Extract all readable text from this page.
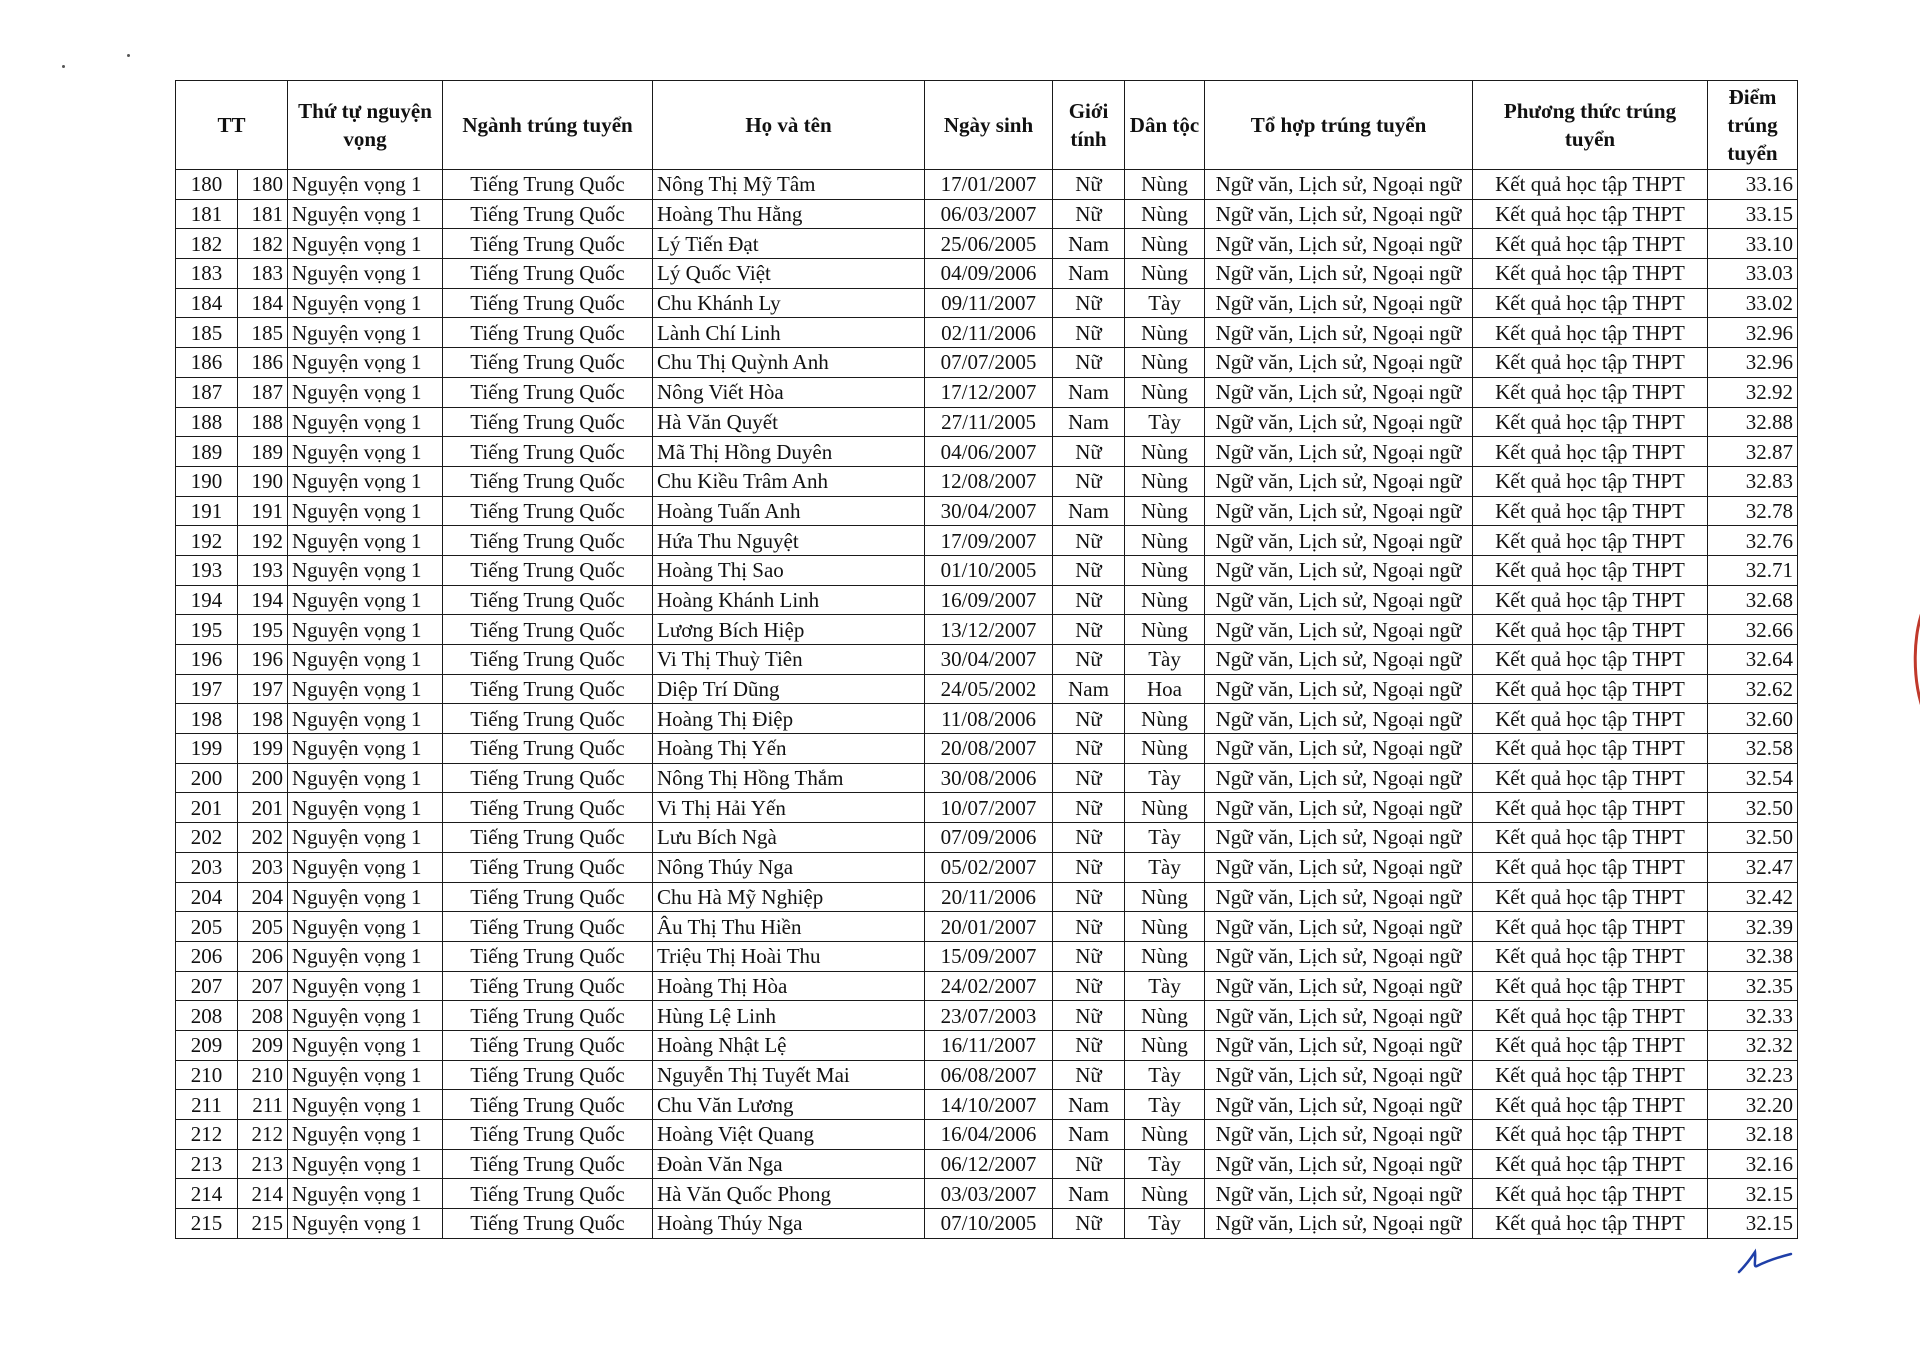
TT		Thứ tự nguyện vọng	Ngành trúng tuyển	Họ và tên	Ngày sinh	Giới tính	Dân tộc	Tổ hợp trúng tuyển	Phương thức trúng tuyển	Điểm trúng tuyển
180	180	Nguyện vọng 1	Tiếng Trung Quốc	Nông Thị Mỹ Tâm	17/01/2007	Nữ	Nùng	Ngữ văn, Lịch sử, Ngoại ngữ	Kết quả học tập THPT	33.16
181	181	Nguyện vọng 1	Tiếng Trung Quốc	Hoàng Thu Hằng	06/03/2007	Nữ	Nùng	Ngữ văn, Lịch sử, Ngoại ngữ	Kết quả học tập THPT	33.15
182	182	Nguyện vọng 1	Tiếng Trung Quốc	Lý Tiến Đạt	25/06/2005	Nam	Nùng	Ngữ văn, Lịch sử, Ngoại ngữ	Kết quả học tập THPT	33.10
183	183	Nguyện vọng 1	Tiếng Trung Quốc	Lý Quốc Việt	04/09/2006	Nam	Nùng	Ngữ văn, Lịch sử, Ngoại ngữ	Kết quả học tập THPT	33.03
184	184	Nguyện vọng 1	Tiếng Trung Quốc	Chu Khánh Ly	09/11/2007	Nữ	Tày	Ngữ văn, Lịch sử, Ngoại ngữ	Kết quả học tập THPT	33.02
185	185	Nguyện vọng 1	Tiếng Trung Quốc	Lành Chí Linh	02/11/2006	Nữ	Nùng	Ngữ văn, Lịch sử, Ngoại ngữ	Kết quả học tập THPT	32.96
186	186	Nguyện vọng 1	Tiếng Trung Quốc	Chu Thị Quỳnh Anh	07/07/2005	Nữ	Nùng	Ngữ văn, Lịch sử, Ngoại ngữ	Kết quả học tập THPT	32.96
187	187	Nguyện vọng 1	Tiếng Trung Quốc	Nông Viết Hòa	17/12/2007	Nam	Nùng	Ngữ văn, Lịch sử, Ngoại ngữ	Kết quả học tập THPT	32.92
188	188	Nguyện vọng 1	Tiếng Trung Quốc	Hà Văn Quyết	27/11/2005	Nam	Tày	Ngữ văn, Lịch sử, Ngoại ngữ	Kết quả học tập THPT	32.88
189	189	Nguyện vọng 1	Tiếng Trung Quốc	Mã Thị Hồng Duyên	04/06/2007	Nữ	Nùng	Ngữ văn, Lịch sử, Ngoại ngữ	Kết quả học tập THPT	32.87
190	190	Nguyện vọng 1	Tiếng Trung Quốc	Chu Kiều Trâm Anh	12/08/2007	Nữ	Nùng	Ngữ văn, Lịch sử, Ngoại ngữ	Kết quả học tập THPT	32.83
191	191	Nguyện vọng 1	Tiếng Trung Quốc	Hoàng Tuấn Anh	30/04/2007	Nam	Nùng	Ngữ văn, Lịch sử, Ngoại ngữ	Kết quả học tập THPT	32.78
192	192	Nguyện vọng 1	Tiếng Trung Quốc	Hứa Thu Nguyệt	17/09/2007	Nữ	Nùng	Ngữ văn, Lịch sử, Ngoại ngữ	Kết quả học tập THPT	32.76
193	193	Nguyện vọng 1	Tiếng Trung Quốc	Hoàng Thị Sao	01/10/2005	Nữ	Nùng	Ngữ văn, Lịch sử, Ngoại ngữ	Kết quả học tập THPT	32.71
194	194	Nguyện vọng 1	Tiếng Trung Quốc	Hoàng Khánh Linh	16/09/2007	Nữ	Nùng	Ngữ văn, Lịch sử, Ngoại ngữ	Kết quả học tập THPT	32.68
195	195	Nguyện vọng 1	Tiếng Trung Quốc	Lương Bích Hiệp	13/12/2007	Nữ	Nùng	Ngữ văn, Lịch sử, Ngoại ngữ	Kết quả học tập THPT	32.66
196	196	Nguyện vọng 1	Tiếng Trung Quốc	Vi Thị Thuỳ Tiên	30/04/2007	Nữ	Tày	Ngữ văn, Lịch sử, Ngoại ngữ	Kết quả học tập THPT	32.64
197	197	Nguyện vọng 1	Tiếng Trung Quốc	Diệp Trí Dũng	24/05/2002	Nam	Hoa	Ngữ văn, Lịch sử, Ngoại ngữ	Kết quả học tập THPT	32.62
198	198	Nguyện vọng 1	Tiếng Trung Quốc	Hoàng Thị Điệp	11/08/2006	Nữ	Nùng	Ngữ văn, Lịch sử, Ngoại ngữ	Kết quả học tập THPT	32.60
199	199	Nguyện vọng 1	Tiếng Trung Quốc	Hoàng Thị Yến	20/08/2007	Nữ	Nùng	Ngữ văn, Lịch sử, Ngoại ngữ	Kết quả học tập THPT	32.58
200	200	Nguyện vọng 1	Tiếng Trung Quốc	Nông Thị Hồng Thắm	30/08/2006	Nữ	Tày	Ngữ văn, Lịch sử, Ngoại ngữ	Kết quả học tập THPT	32.54
201	201	Nguyện vọng 1	Tiếng Trung Quốc	Vi Thị Hải Yến	10/07/2007	Nữ	Nùng	Ngữ văn, Lịch sử, Ngoại ngữ	Kết quả học tập THPT	32.50
202	202	Nguyện vọng 1	Tiếng Trung Quốc	Lưu Bích Ngà	07/09/2006	Nữ	Tày	Ngữ văn, Lịch sử, Ngoại ngữ	Kết quả học tập THPT	32.50
203	203	Nguyện vọng 1	Tiếng Trung Quốc	Nông Thúy Nga	05/02/2007	Nữ	Tày	Ngữ văn, Lịch sử, Ngoại ngữ	Kết quả học tập THPT	32.47
204	204	Nguyện vọng 1	Tiếng Trung Quốc	Chu Hà Mỹ Nghiệp	20/11/2006	Nữ	Nùng	Ngữ văn, Lịch sử, Ngoại ngữ	Kết quả học tập THPT	32.42
205	205	Nguyện vọng 1	Tiếng Trung Quốc	Âu Thị Thu Hiền	20/01/2007	Nữ	Nùng	Ngữ văn, Lịch sử, Ngoại ngữ	Kết quả học tập THPT	32.39
206	206	Nguyện vọng 1	Tiếng Trung Quốc	Triệu Thị Hoài Thu	15/09/2007	Nữ	Nùng	Ngữ văn, Lịch sử, Ngoại ngữ	Kết quả học tập THPT	32.38
207	207	Nguyện vọng 1	Tiếng Trung Quốc	Hoàng Thị Hòa	24/02/2007	Nữ	Tày	Ngữ văn, Lịch sử, Ngoại ngữ	Kết quả học tập THPT	32.35
208	208	Nguyện vọng 1	Tiếng Trung Quốc	Hùng Lệ Linh	23/07/2003	Nữ	Nùng	Ngữ văn, Lịch sử, Ngoại ngữ	Kết quả học tập THPT	32.33
209	209	Nguyện vọng 1	Tiếng Trung Quốc	Hoàng Nhật Lệ	16/11/2007	Nữ	Nùng	Ngữ văn, Lịch sử, Ngoại ngữ	Kết quả học tập THPT	32.32
210	210	Nguyện vọng 1	Tiếng Trung Quốc	Nguyễn Thị Tuyết Mai	06/08/2007	Nữ	Tày	Ngữ văn, Lịch sử, Ngoại ngữ	Kết quả học tập THPT	32.23
211	211	Nguyện vọng 1	Tiếng Trung Quốc	Chu Văn Lương	14/10/2007	Nam	Tày	Ngữ văn, Lịch sử, Ngoại ngữ	Kết quả học tập THPT	32.20
212	212	Nguyện vọng 1	Tiếng Trung Quốc	Hoàng Việt Quang	16/04/2006	Nam	Nùng	Ngữ văn, Lịch sử, Ngoại ngữ	Kết quả học tập THPT	32.18
213	213	Nguyện vọng 1	Tiếng Trung Quốc	Đoàn Văn Nga	06/12/2007	Nữ	Tày	Ngữ văn, Lịch sử, Ngoại ngữ	Kết quả học tập THPT	32.16
214	214	Nguyện vọng 1	Tiếng Trung Quốc	Hà Văn Quốc Phong	03/03/2007	Nam	Nùng	Ngữ văn, Lịch sử, Ngoại ngữ	Kết quả học tập THPT	32.15
215	215	Nguyện vọng 1	Tiếng Trung Quốc	Hoàng Thúy Nga	07/10/2005	Nữ	Tày	Ngữ văn, Lịch sử, Ngoại ngữ	Kết quả học tập THPT	32.15
